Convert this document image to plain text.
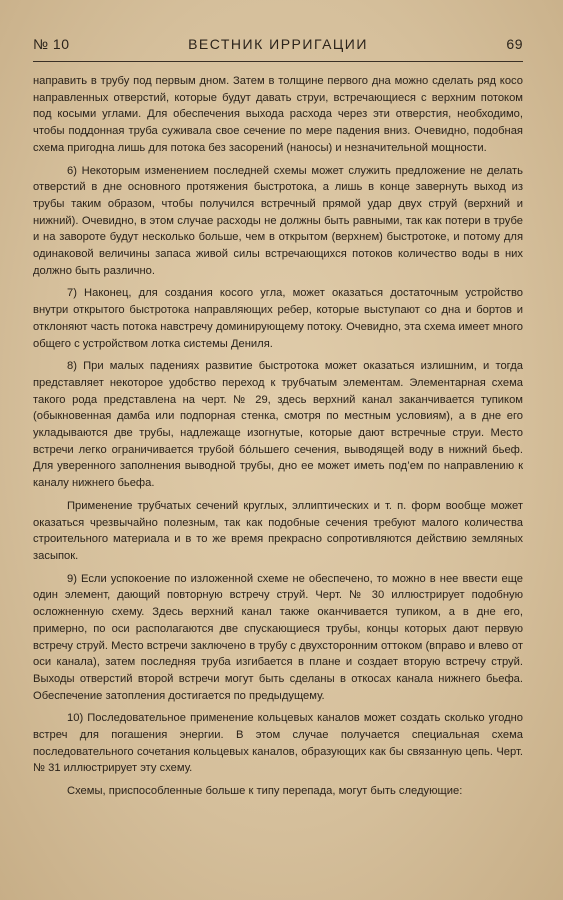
№ 10	ВЕСТНИК ИРРИГАЦИИ	69

направить в трубу под первым дном. Затем в толщине первого дна можно сделать ряд косо направленных отверстий, которые будут давать струи, встречающиеся с верхним потоком под косыми углами. Для обеспечения выхода расхода через эти отверстия, необходимо, чтобы поддонная труба суживала свое сечение по мере падения вниз. Очевидно, подобная схема пригодна лишь для потока без засорений (наносы) и незначительной мощности.

6) Некоторым изменением последней схемы может служить предложение не делать отверстий в дне основного протяжения быстротока, а лишь в конце завернуть выход из трубы таким образом, чтобы получился встречный прямой удар двух струй (верхний и нижний). Очевидно, в этом случае расходы не должны быть равными, так как потери в трубе и на завороте будут несколько больше, чем в открытом (верхнем) быстротоке, и потому для одинаковой величины запаса живой силы встречающихся потоков количество воды в них должно быть различно.

7) Наконец, для создания косого угла, может оказаться достаточным устройство внутри открытого быстротока направляющих ребер, которые выступают со дна и бортов и отклоняют часть потока навстречу доминирующему потоку. Очевидно, эта схема имеет много общего с устройством лотка системы Дениля.

8) При малых падениях развитие быстротока может оказаться излишним, и тогда представляет некоторое удобство переход к трубчатым элементам. Элементарная схема такого рода представлена на черт. № 29, здесь верхний канал заканчивается тупиком (обыкновенная дамба или подпорная стенка, смотря по местным условиям), а в дне его укладываются две трубы, надлежаще изогнутые, которые дают встречные струи. Место встречи легко ограничивается трубой бо́льшего сечения, выводящей воду в нижний бьеф. Для уверенного заполнения выводной трубы, дно ее может иметь под’ем по направлению к каналу нижнего бьефа.

Применение трубчатых сечений круглых, эллиптических и т. п. форм вообще может оказаться чрезвычайно полезным, так как подобные сечения требуют малого количества строительного материала и в то же время прекрасно сопротивляются действию земляных засыпок.

9) Если успокоение по изложенной схеме не обеспечено, то можно в нее ввести еще один элемент, дающий повторную встречу струй. Черт. № 30 иллюстрирует подобную осложненную схему. Здесь верхний канал также оканчивается тупиком, а в дне его, примерно, по оси располагаются две спускающиеся трубы, концы которых дают первую встречу струй. Место встречи заключено в трубу с двухсторонним оттоком (вправо и влево от оси канала), затем последняя труба изгибается в плане и создает вторую встречу струй. Выходы отверстий второй встречи могут быть сделаны в откосах канала нижнего бьефа. Обеспечение затопления достигается по предыдущему.

10) Последовательное применение кольцевых каналов может создать сколько угодно встреч для погашения энергии. В этом случае получается специальная схема последовательного сочетания кольцевых каналов, образующих как бы связанную цепь. Черт. № 31 иллюстрирует эту схему.

Схемы, приспособленные больше к типу перепада, могут быть следующие:
